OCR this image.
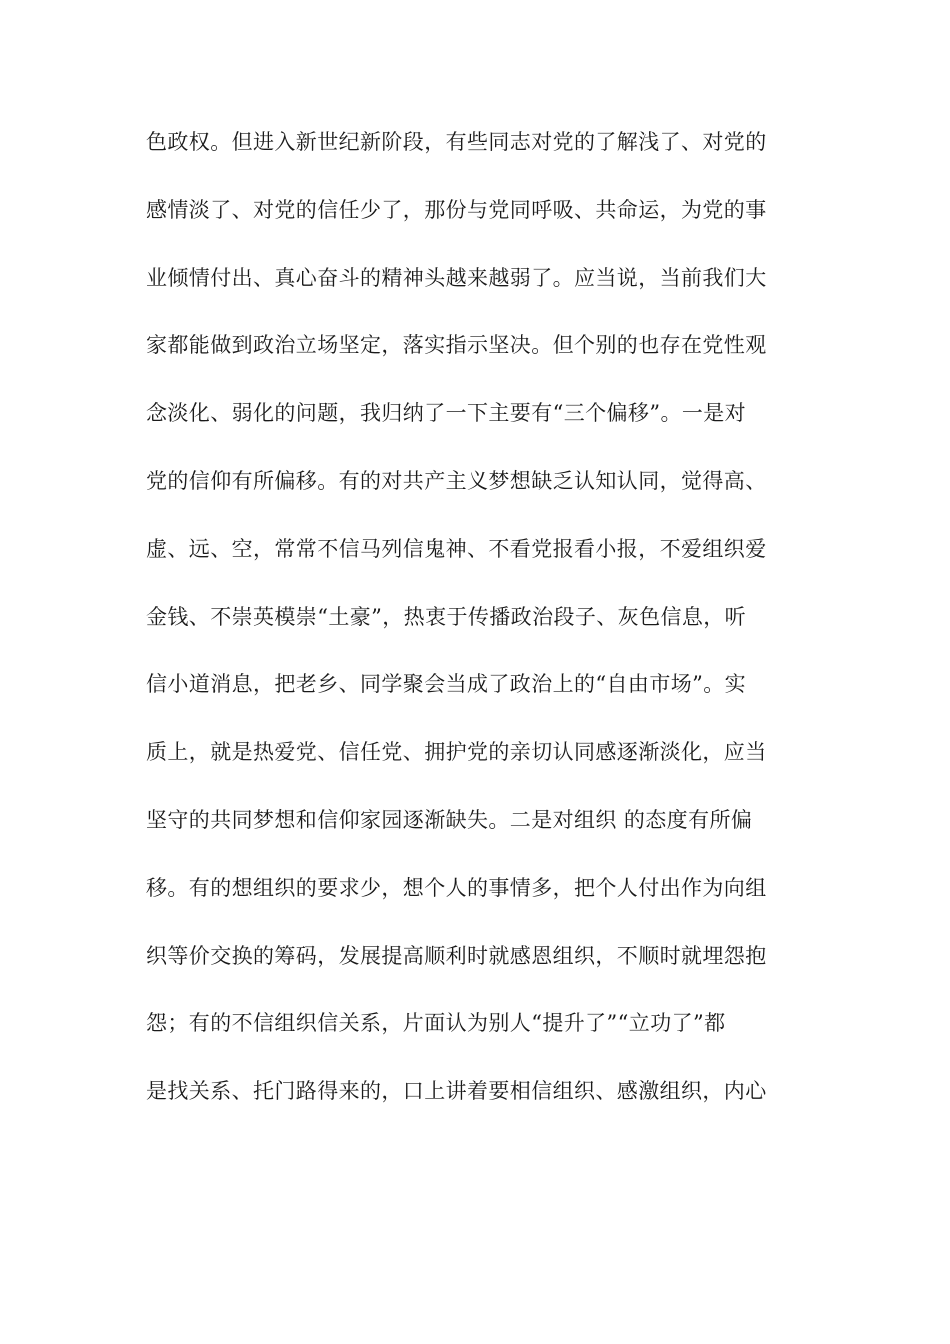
色政权。但进入新世纪新阶段，有些同志对党的了解浅了、对党的
感情淡了、对党的信任少了，那份与党同呼吸、共命运，为党的事
业倾情付出、真心奋斗的精神头越来越弱了。应当说，当前我们大
家都能做到政治立场坚定，落实指示坚决。但个别的也存在党性观
念淡化、弱化的问题，我归纳了一下主要有“三个偏移”。一是对
党的信仰有所偏移。有的对共产主义梦想缺乏认知认同，觉得高、
虚、远、空，常常不信马列信鬼神、不看党报看小报，不爱组织爱
金钱、不崇英模崇“土豪”，热衷于传播政治段子、灰色信息，听
信小道消息，把老乡、同学聚会当成了政治上的“自由市场”。实
质上，就是热爱党、信任党、拥护党的亲切认同感逐渐淡化，应当
坚守的共同梦想和信仰家园逐渐缺失。二是对组织 的态度有所偏
移。有的想组织的要求少，想个人的事情多，把个人付出作为向组
织等价交换的筹码，发展提高顺利时就感恩组织，不顺时就埋怨抱
怨；有的不信组织信关系，片面认为别人“提升了”“立功了”都
是找关系、托门路得来的，口上讲着要相信组织、感激组织，内心
